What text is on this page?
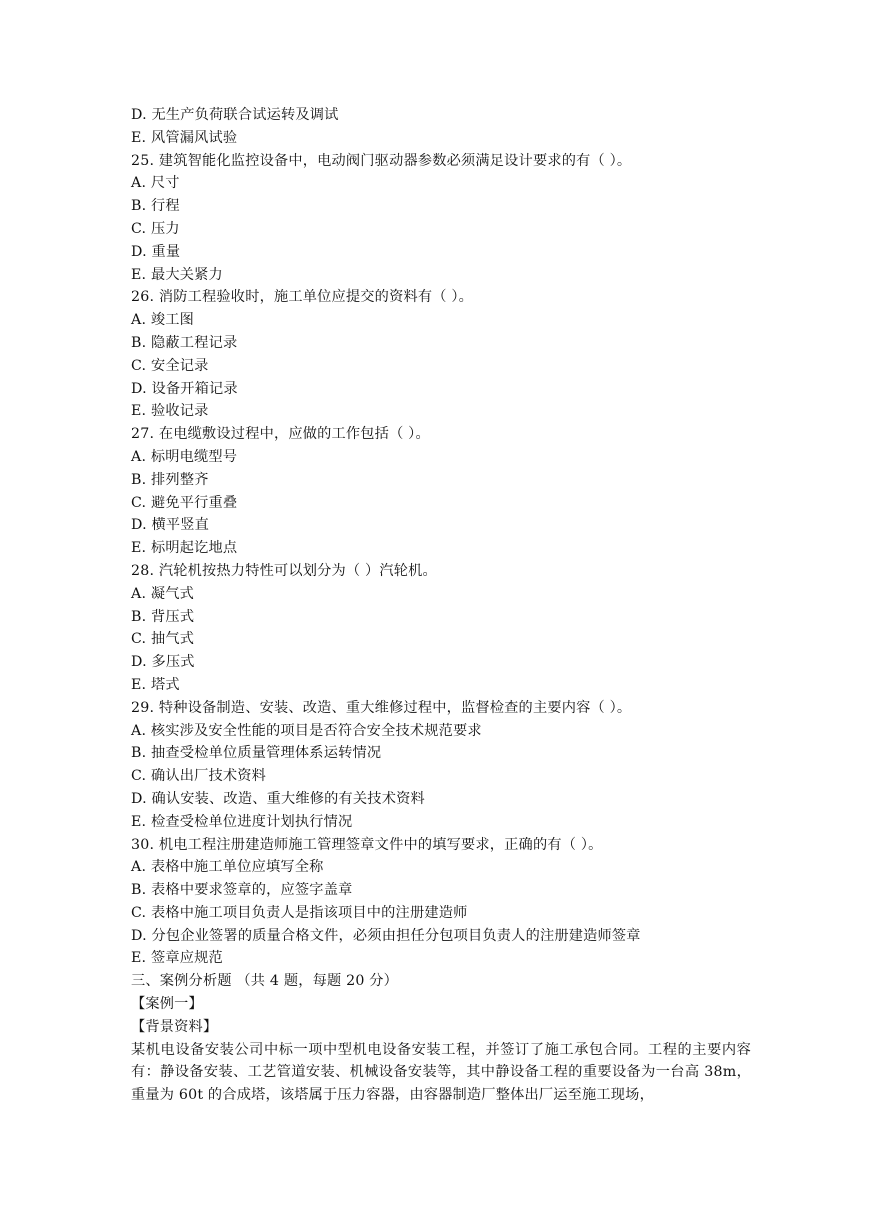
D. 无生产负荷联合试运转及调试
E. 风管漏风试验
25. 建筑智能化监控设备中，电动阀门驱动器参数必须满足设计要求的有（ ）。
A. 尺寸
B. 行程
C. 压力
D. 重量
E. 最大关紧力
26. 消防工程验收时，施工单位应提交的资料有（ ）。
A. 竣工图
B. 隐蔽工程记录
C. 安全记录
D. 设备开箱记录
E. 验收记录
27. 在电缆敷设过程中，应做的工作包括（ ）。
A. 标明电缆型号
B. 排列整齐
C. 避免平行重叠
D. 横平竖直
E. 标明起讫地点
28. 汽轮机按热力特性可以划分为（ ）汽轮机。
A. 凝气式
B. 背压式
C. 抽气式
D. 多压式
E. 塔式
29. 特种设备制造、安装、改造、重大维修过程中，监督检查的主要内容（ ）。
A. 核实涉及安全性能的项目是否符合安全技术规范要求
B. 抽查受检单位质量管理体系运转情况
C. 确认出厂技术资料
D. 确认安装、改造、重大维修的有关技术资料
E. 检查受检单位进度计划执行情况
30. 机电工程注册建造师施工管理签章文件中的填写要求，正确的有（ ）。
A. 表格中施工单位应填写全称
B. 表格中要求签章的，应签字盖章
C. 表格中施工项目负责人是指该项目中的注册建造师
D. 分包企业签署的质量合格文件，必须由担任分包项目负责人的注册建造师签章
E. 签章应规范
三、案例分析题 （共 4 题，每题 20 分）
【案例一】
【背景资料】
某机电设备安装公司中标一项中型机电设备安装工程，并签订了施工承包合同。工程的主要内容有：静设备安装、工艺管道安装、机械设备安装等，其中静设备工程的重要设备为一台高 38m，重量为 60t 的合成塔，该塔属于压力容器，由容器制造厂整体出厂运至施工现场，
